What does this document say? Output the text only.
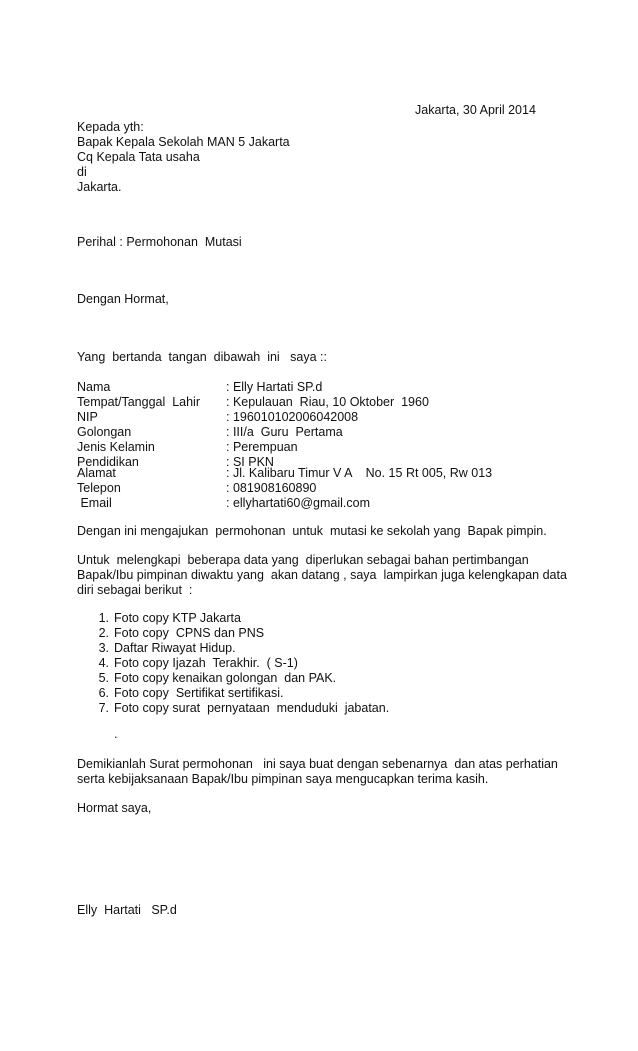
Jakarta, 30 April 2014
Kepada yth:
Bapak Kepala Sekolah MAN 5 Jakarta
Cq Kepala Tata usaha
di
Jakarta.
Perihal : Permohonan  Mutasi
Dengan Hormat,
Yang  bertanda  tangan  dibawah  ini   saya ::
Nama	: Elly Hartati SP.d
Tempat/Tanggal  Lahir : Kepulauan  Riau, 10 Oktober  1960
NIP	: 196010102006042008
Golongan	: III/a  Guru  Pertama
Jenis Kelamin	: Perempuan
Pendidikan	: SI PKN
Alamat	: Jl. Kalibaru Timur V A    No. 15 Rt 005, Rw 013
Telepon	: 081908160890
Email	: ellyhartati60@gmail.com
Dengan ini mengajukan  permohonan  untuk  mutasi ke sekolah yang  Bapak pimpin.
Untuk  melengkapi  beberapa data yang  diperlukan sebagai bahan pertimbangan
Bapak/Ibu pimpinan diwaktu yang  akan datang , saya  lampirkan juga kelengkapan data
diri sebagai berikut  :
1. Foto copy KTP Jakarta
2. Foto copy  CPNS dan PNS
3. Daftar Riwayat Hidup.
4. Foto copy Ijazah  Terakhir.  ( S-1)
5. Foto copy kenaikan golongan  dan PAK.
6. Foto copy  Sertifikat sertifikasi.
7. Foto copy surat  pernyataan  menduduki  jabatan.
.
Demikianlah Surat permohonan   ini saya buat dengan sebenarnya  dan atas perhatian
serta kebijaksanaan Bapak/Ibu pimpinan saya mengucapkan terima kasih.
Hormat saya,
Elly  Hartati   SP.d
